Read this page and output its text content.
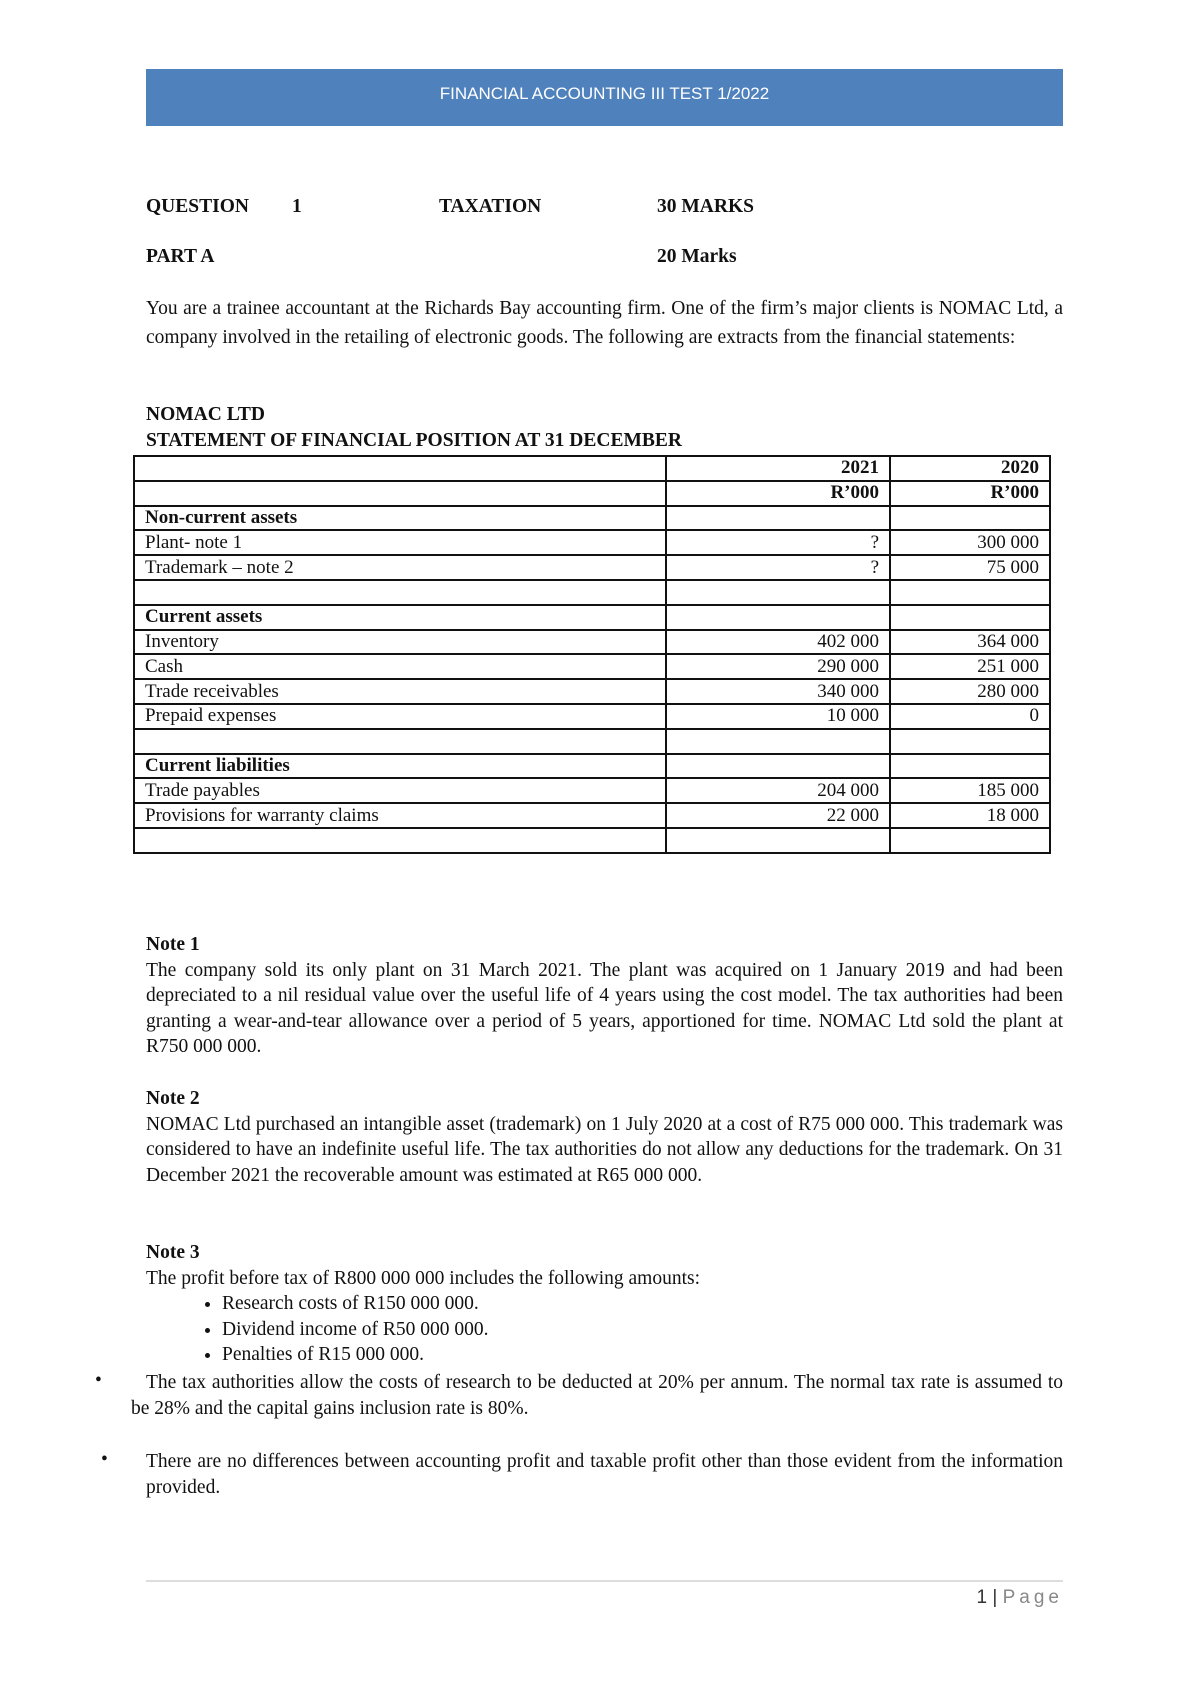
FINANCIAL ACCOUNTING III TEST 1/2022
QUESTION 1	TAXATION	30 MARKS
PART A	20 Marks
You are a trainee accountant at the Richards Bay accounting firm. One of the firm’s major clients is NOMAC Ltd, a company involved in the retailing of electronic goods. The following are extracts from the financial statements:
NOMAC LTD
STATEMENT OF FINANCIAL POSITION AT 31 DECEMBER
	2021	2020
	R’000	R’000
Non-current assets		
Plant- note 1	?	300 000
Trademark – note 2	?	75 000

Current assets		
Inventory	402 000	364 000
Cash	290 000	251 000
Trade receivables	340 000	280 000
Prepaid expenses	10 000	0

Current liabilities		
Trade payables	204 000	185 000
Provisions for warranty claims	22 000	18 000

Note 1
The company sold its only plant on 31 March 2021. The plant was acquired on 1 January 2019 and had been depreciated to a nil residual value over the useful life of 4 years using the cost model. The tax authorities had been granting a wear-and-tear allowance over a period of 5 years, apportioned for time. NOMAC Ltd sold the plant at R750 000 000.
Note 2
NOMAC Ltd purchased an intangible asset (trademark) on 1 July 2020 at a cost of R75 000 000. This trademark was considered to have an indefinite useful life. The tax authorities do not allow any deductions for the trademark. On 31 December 2021 the recoverable amount was estimated at R65 000 000.
Note 3
The profit before tax of R800 000 000 includes the following amounts:
• Research costs of R150 000 000.
• Dividend income of R50 000 000.
• Penalties of R15 000 000.
•	The tax authorities allow the costs of research to be deducted at 20% per annum. The normal tax rate is assumed to be 28% and the capital gains inclusion rate is 80%.
• There are no differences between accounting profit and taxable profit other than those evident from the information provided.
1 | Page
